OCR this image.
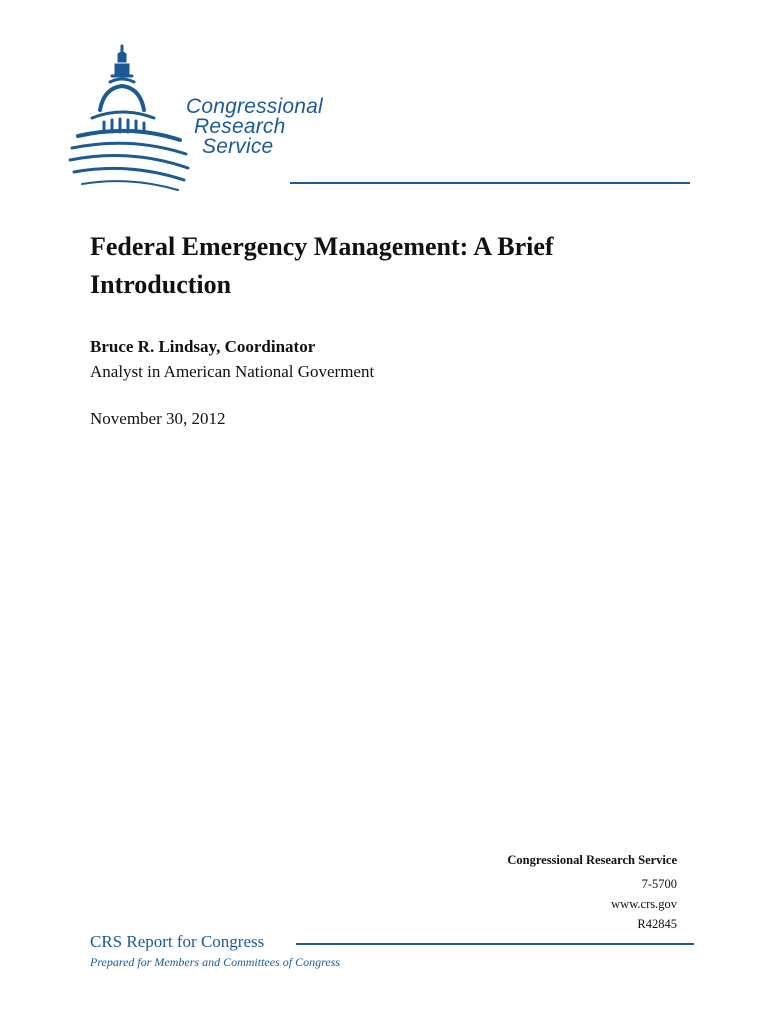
Congressional
Research
Service
Federal Emergency Management: A Brief Introduction
Bruce R. Lindsay, Coordinator
Analyst in American National Goverment
November 30, 2012
Congressional Research Service
7-5700
www.crs.gov
R42845
CRS Report for Congress
Prepared for Members and Committees of Congress
